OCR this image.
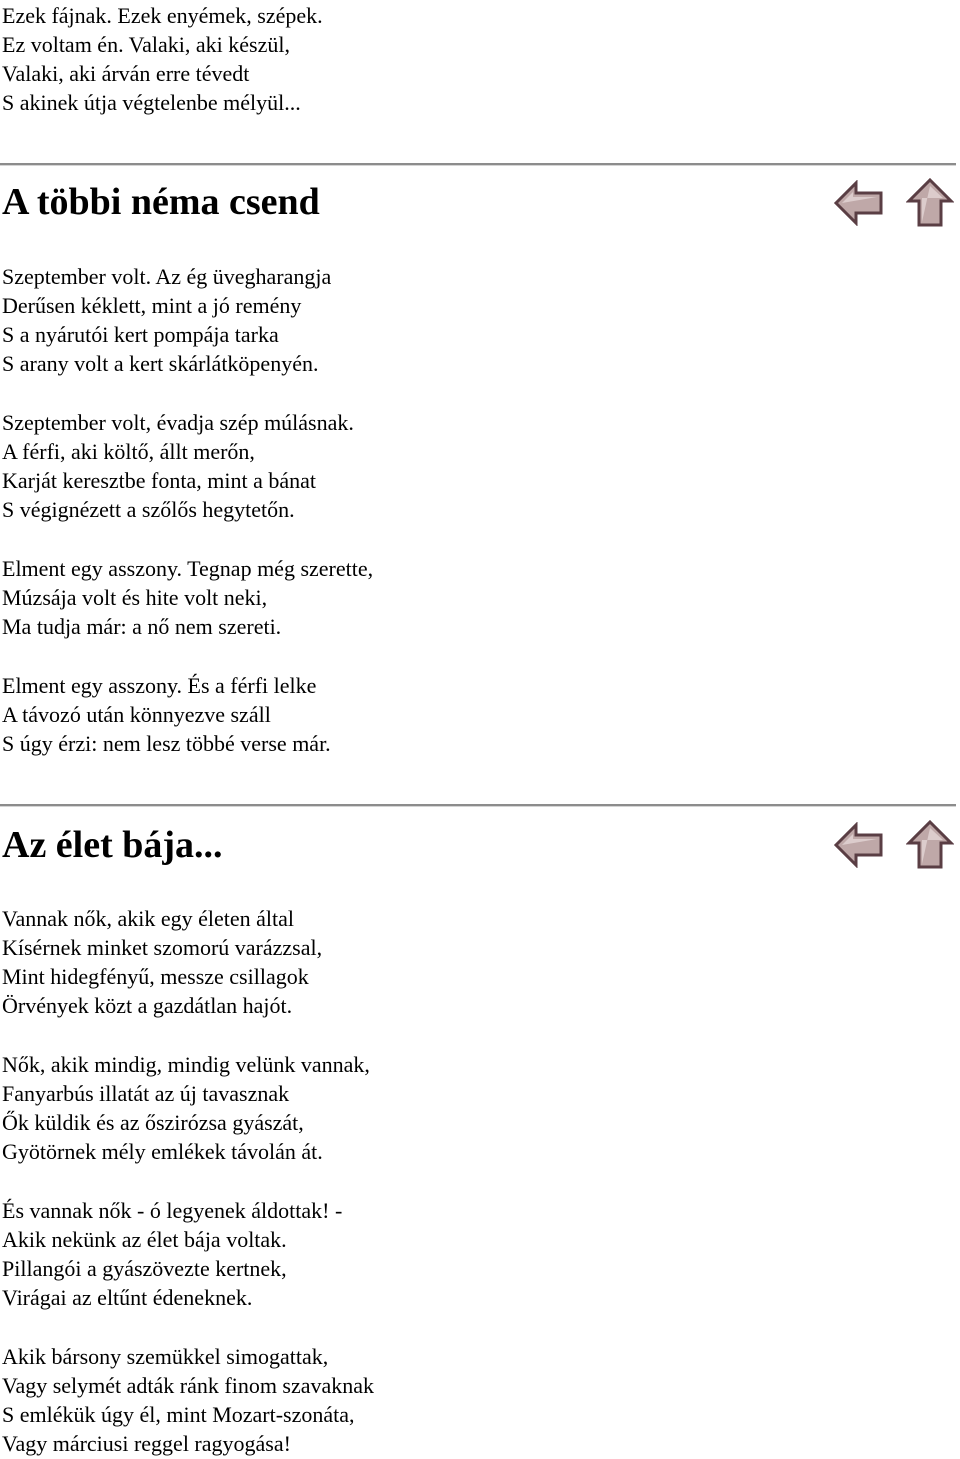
Ezek fájnak. Ezek enyémek, szépek.
Ez voltam én. Valaki, aki készül,
Valaki, aki árván erre tévedt
S akinek útja végtelenbe mélyül...
A többi néma csend
Szeptember volt. Az ég üvegharangja
Derűsen kéklett, mint a jó remény
S a nyárutói kert pompája tarka
S arany volt a kert skárlátköpenyén.
Szeptember volt, évadja szép múlásnak.
A férfi, aki költő, állt merőn,
Karját keresztbe fonta, mint a bánat
S végignézett a szőlős hegytetőn.
Elment egy asszony. Tegnap még szerette,
Múzsája volt és hite volt neki,
Ma tudja már: a nő nem szereti.
Elment egy asszony. És a férfi lelke
A távozó után könnyezve száll
S úgy érzi: nem lesz többé verse már.
Az élet bája...
Vannak nők, akik egy életen által
Kísérnek minket szomorú varázzsal,
Mint hidegfényű, messze csillagok
Örvények közt a gazdátlan hajót.
Nők, akik mindig, mindig velünk vannak,
Fanyarbús illatát az új tavasznak
Ők küldik és az őszirózsa gyászát,
Gyötörnek mély emlékek távolán át.
És vannak nők - ó legyenek áldottak! -
Akik nekünk az élet bája voltak.
Pillangói a gyászövezte kertnek,
Virágai az eltűnt édeneknek.
Akik bársony szemükkel simogattak,
Vagy selymét adták ránk finom szavaknak
S emlékük úgy él, mint Mozart-szonáta,
Vagy márciusi reggel ragyogása!
